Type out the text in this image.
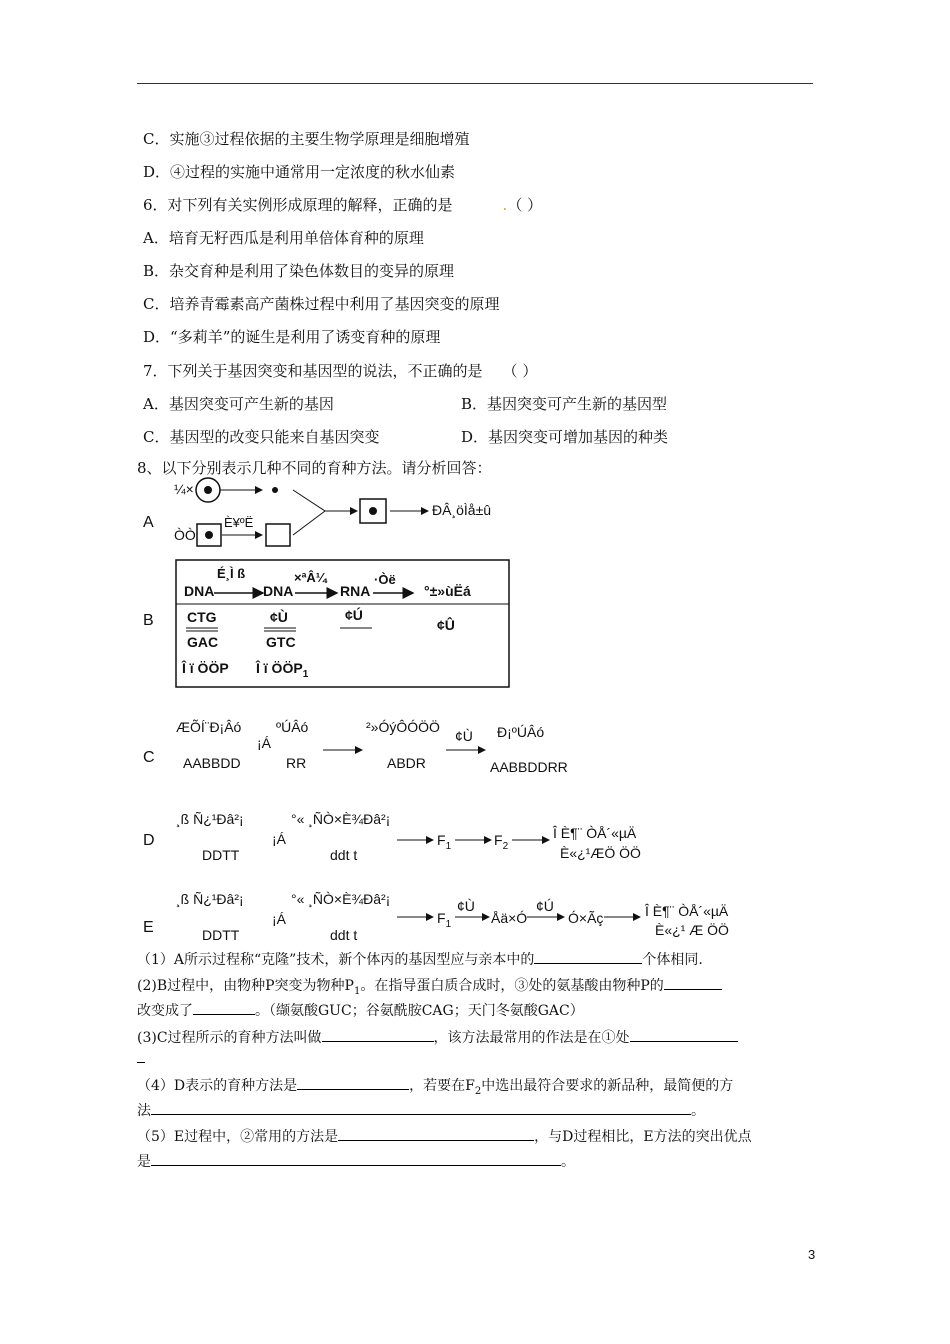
C．实施③过程依据的主要生物学原理是细胞增殖
D．④过程的实施中通常用一定浓度的秋水仙素
6．对下列有关实例形成原理的解释，正确的是	.（ ）
A．培育无籽西瓜是利用单倍体育种的原理
B．杂交育种是利用了染色体数目的变异的原理
C．培养青霉素高产菌株过程中利用了基因突变的原理
D．“多莉羊”的诞生是利用了诱变育种的原理
7．下列关于基因突变和基因型的说法，不正确的是 （ ）
A．基因突变可产生新的基因	B．基因突变可产生新的基因型
C．基因型的改变只能来自基因突变	D．基因突变可增加基因的种类
8、以下分别表示几种不同的育种方法。请分析回答：
A
B
C
D
E
¼×
ÒÒ
È¥ºË
ÐÂ¸öÌå±û
DNA
É¸Ì ß
DNA
×ªÂ¼
RNA
·Òë
°±»ùËá
CTG
GAC
¢Ù
GTC
¢Ú
¢Û
Î ï ÖÖP Î ï $ÖÖP_1$
ÆÕÍ¨Ð¡Âó
AABBDD
¡Á
ºÚÂó
RR
²»ÓýÔÓÖÖ
ABDR
¢Ù Ð¡ºÚÂó
AABBDDRR
¸ß Ñ¿¹Ðâ²¡
DDTT
¡Á
°« ¸ÑÒ×È¾Ðâ²¡
ddt t
$F_1$	$F_2$
Î È¶¨ ÒÅ´«µÄ
È«¿¹ÆÖ ÖÖ
¸ß Ñ¿¹Ðâ²¡
DDTT
¡Á
°« ¸ÑÒ×È¾Ðâ²¡
ddt t
$F_1$
¢Ù
Åä×Ó
¢Ú
Ó×Ãç	Î È¶¨ ÒÅ´«µÄ
È«¿¹ Æ ÖÖ
（1）A所示过程称“克隆”技术，新个体丙的基因型应与亲本中的	个体相同.
(2)B过程中，由物种P突变为物种$P_1$。在指导蛋白质合成时，③处的氨基酸由物种P的
改变成了	。（缬氨酸GUC；谷氨酰胺CAG；天门冬氨酸GAC）
(3)C过程所示的育种方法叫做	，该方法最常用的作法是在①处
（4）D表示的育种方法是	，若要在$F_2$中选出最符合要求的新品种，最简便的方
法	。
（5）E过程中，②常用的方法是	，与D过程相比，E方法的突出优点
是	。
3
